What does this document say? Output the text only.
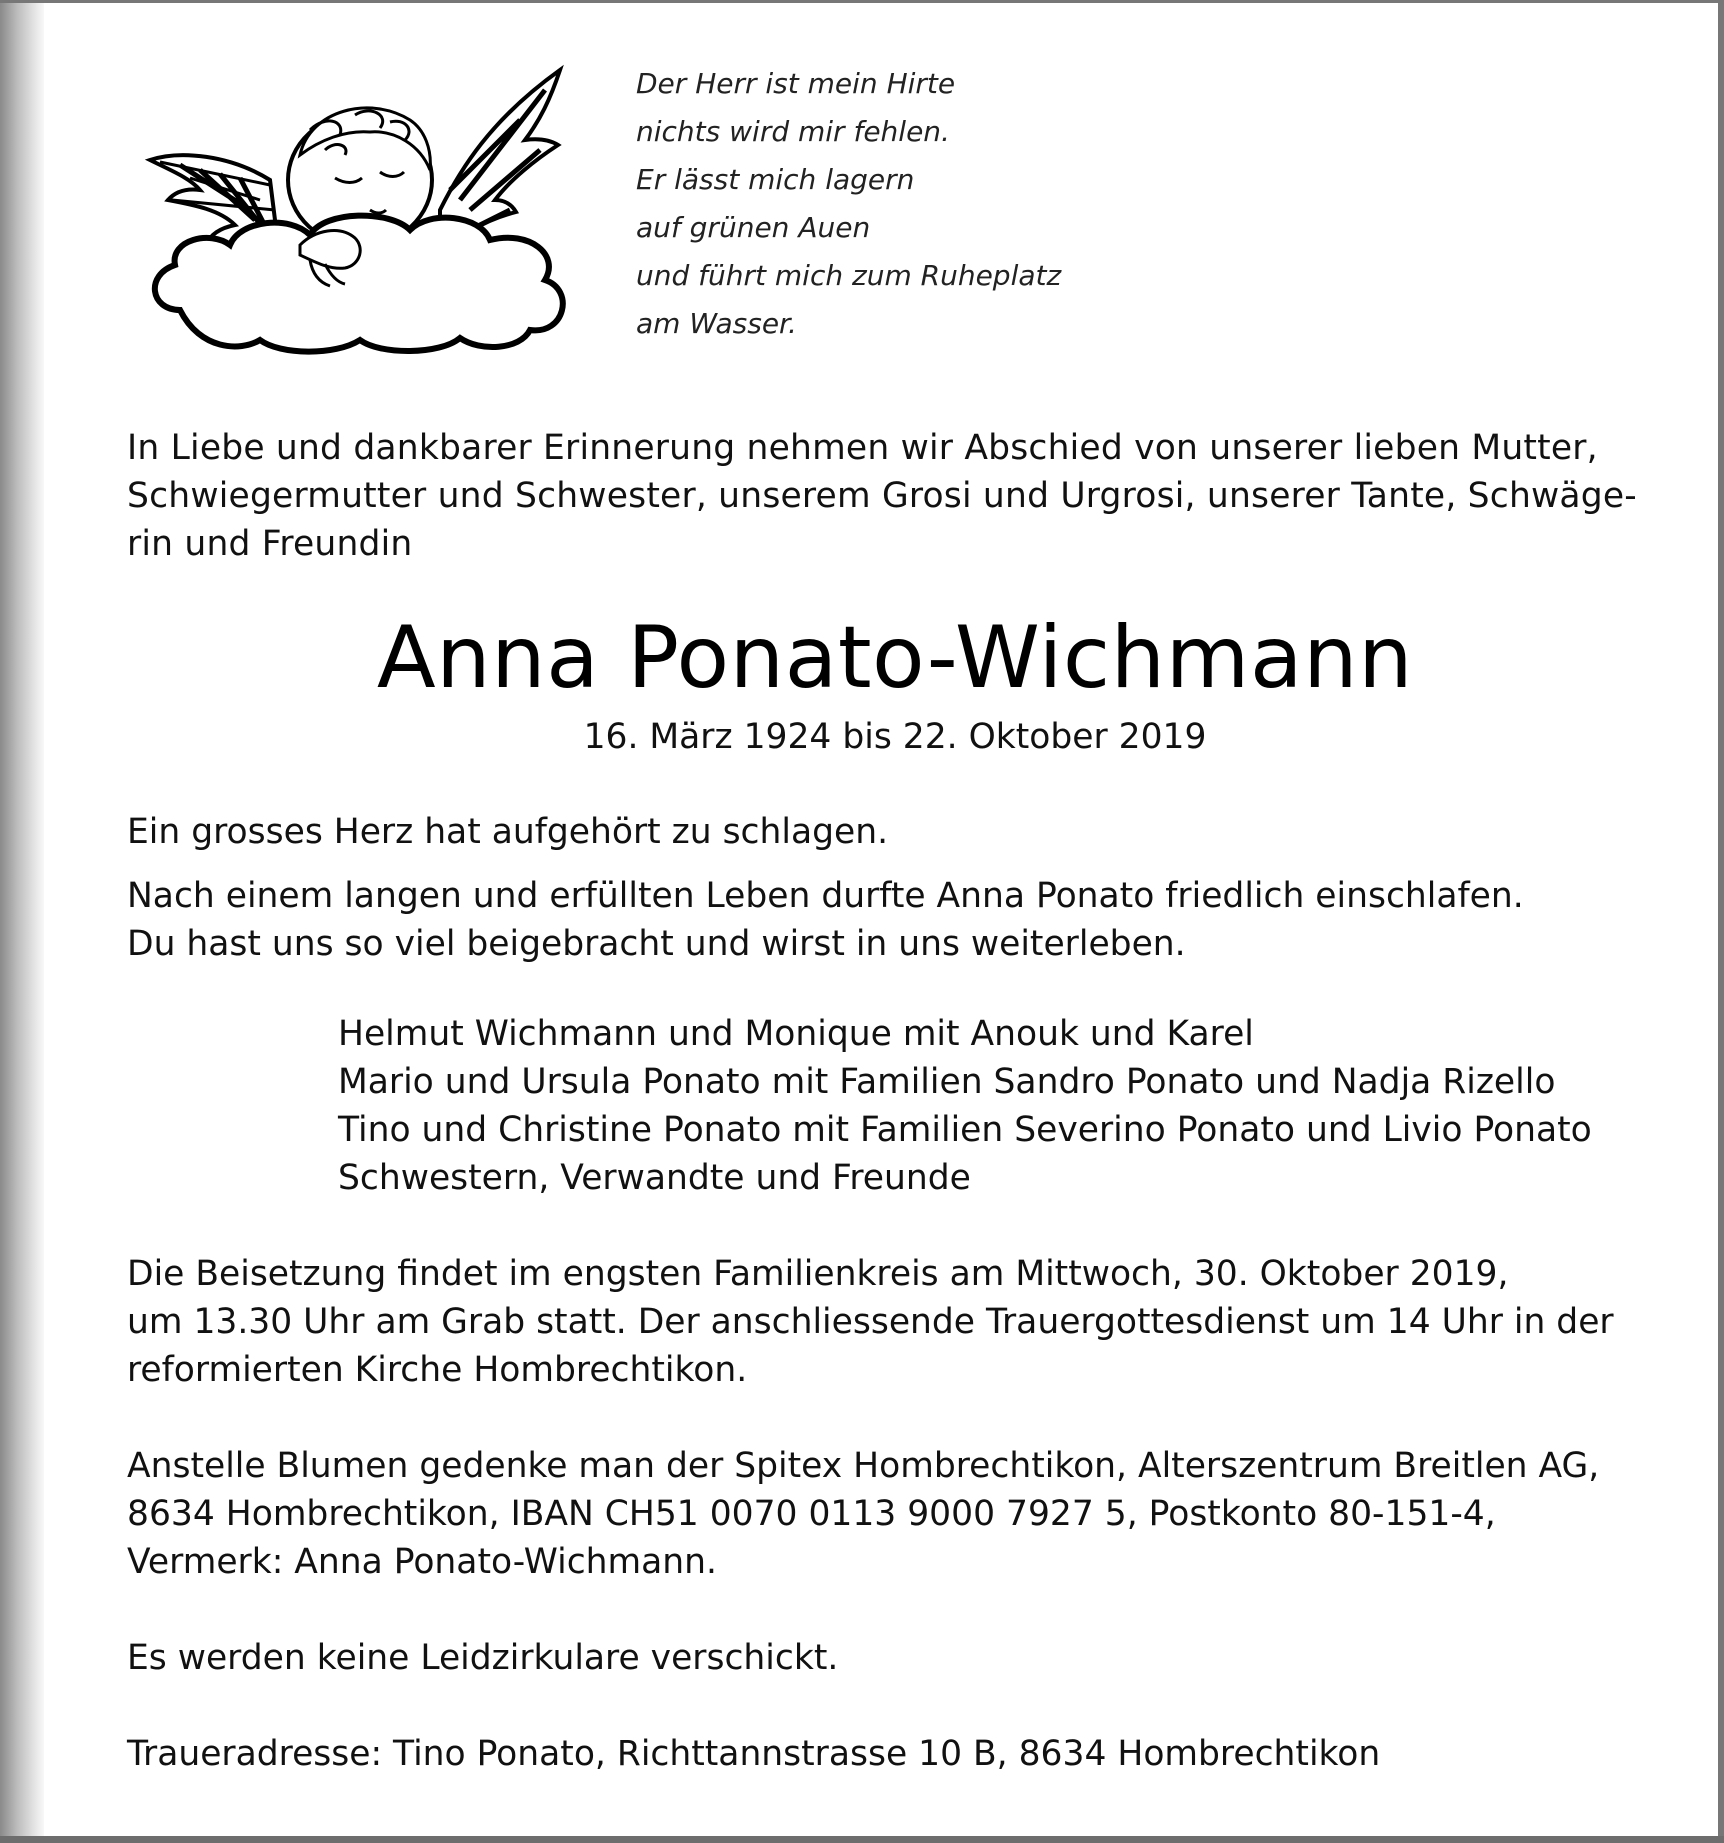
Der Herr ist mein Hirte
nichts wird mir fehlen.
Er lässt mich lagern
auf grünen Auen
und führt mich zum Ruheplatz
am Wasser.
In Liebe und dankbarer Erinnerung nehmen wir Abschied von unserer lieben Mutter,
Schwiegermutter und Schwester, unserem Grosi und Urgrosi, unserer Tante, Schwäge-
rin und Freundin
Anna Ponato-Wichmann
16. März 1924 bis 22. Oktober 2019
Ein grosses Herz hat aufgehört zu schlagen.
Nach einem langen und erfüllten Leben durfte Anna Ponato friedlich einschlafen.
Du hast uns so viel beigebracht und wirst in uns weiterleben.
Helmut Wichmann und Monique mit Anouk und Karel
Mario und Ursula Ponato mit Familien Sandro Ponato und Nadja Rizello
Tino und Christine Ponato mit Familien Severino Ponato und Livio Ponato
Schwestern, Verwandte und Freunde
Die Beisetzung findet im engsten Familienkreis am Mittwoch, 30. Oktober 2019,
um 13.30 Uhr am Grab statt. Der anschliessende Trauergottesdienst um 14 Uhr in der
reformierten Kirche Hombrechtikon.
Anstelle Blumen gedenke man der Spitex Hombrechtikon, Alterszentrum Breitlen AG,
8634 Hombrechtikon, IBAN CH51 0070 0113 9000 7927 5, Postkonto 80-151-4,
Vermerk: Anna Ponato-Wichmann.
Es werden keine Leidzirkulare verschickt.
Traueradresse: Tino Ponato, Richttannstrasse 10 B, 8634 Hombrechtikon
